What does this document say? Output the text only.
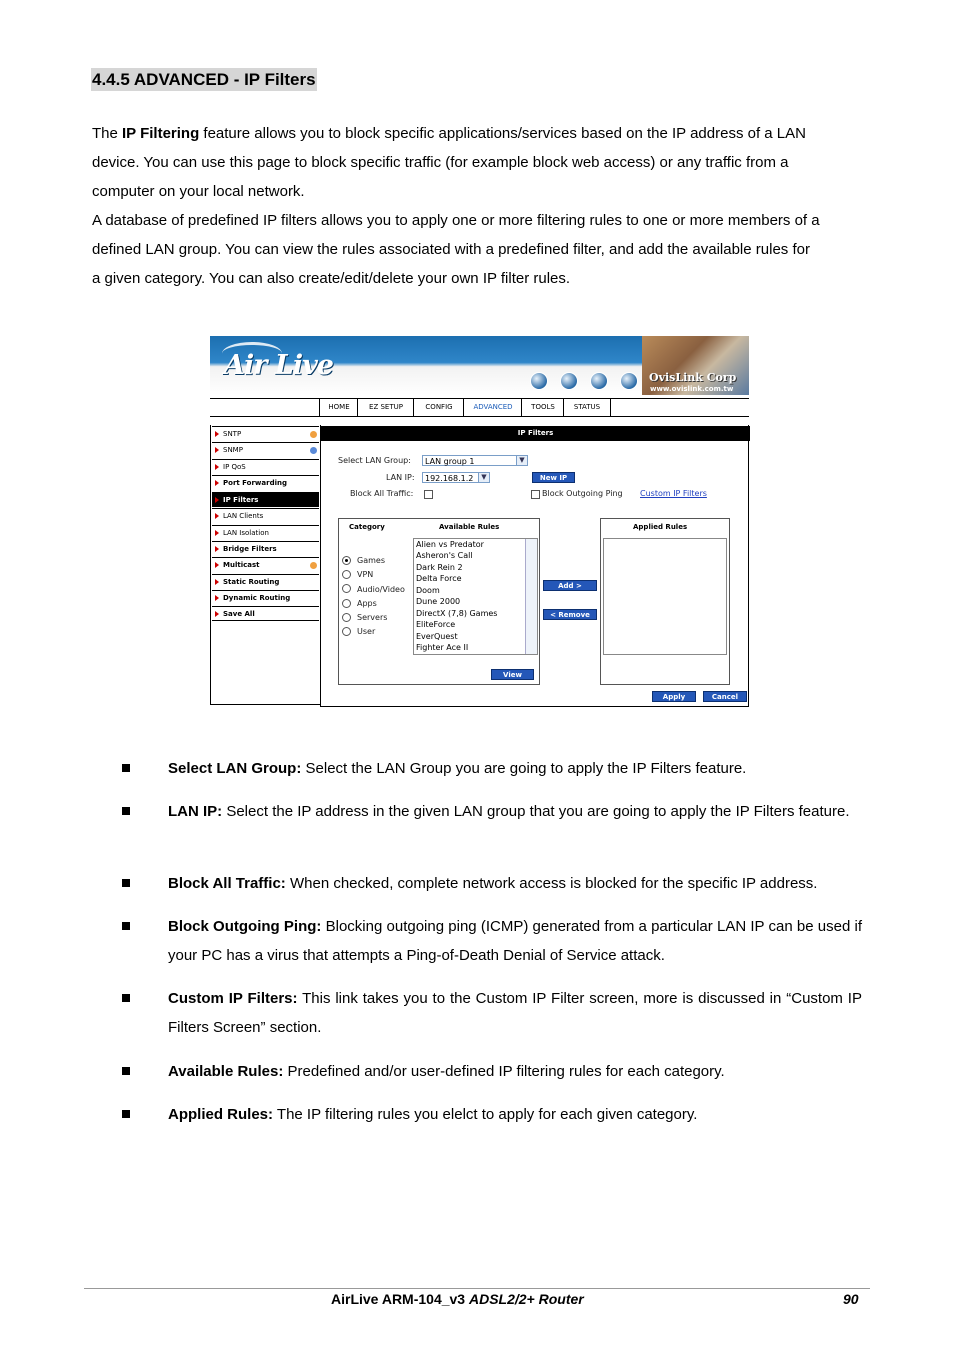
4.4.5 ADVANCED - IP Filters
The IP Filtering feature allows you to block specific applications/services based on the IP address of a LAN
device. You can use this page to block specific traffic (for example block web access) or any traffic from a
computer on your local network.
A database of predefined IP filters allows you to apply one or more filtering rules to one or more members of a
defined LAN group. You can view the rules associated with a predefined filter, and add the available rules for
a given category. You can also create/edit/delete your own IP filter rules.
Air Live	OvisLink Corp
www.ovislink.com.tw
HOME	EZ SETUP	CONFIG	ADVANCED	TOOLS	STATUS
SNTP
SNMP
IP QoS
Port Forwarding
IP Filters
LAN Clients
LAN Isolation
Bridge Filters
Multicast
Static Routing
Dynamic Routing
Save All
IP Filters
Select LAN Group:	LAN group 1	▼
LAN IP:	192.168.1.2	▼	New IP
Block All Traffic:	Block Outgoing Ping Custom IP Filters
Category	Available Rules
Games
VPN
Audio/Video
Apps
Servers
User
Alien vs Predator
Asheron's Call
Dark Rein 2
Delta Force
Doom
Dune 2000
DirectX (7,8) Games
EliteForce
EverQuest
Fighter Ace II
View
Add >
< Remove
Applied Rules
Apply	Cancel
Select LAN Group: Select the LAN Group you are going to apply the IP Filters feature.
LAN IP: Select the IP address in the given LAN group that you are going to apply the IP Filters feature.
Block All Traffic: When checked, complete network access is blocked for the specific IP address.
Block Outgoing Ping: Blocking outgoing ping (ICMP) generated from a particular LAN IP can be used if your PC has a virus that attempts a Ping-of-Death Denial of Service attack.
Custom IP Filters: This link takes you to the Custom IP Filter screen, more is discussed in “Custom IP Filters Screen” section.
Available Rules: Predefined and/or user-defined IP filtering rules for each category.
Applied Rules: The IP filtering rules you elelct to apply for each given category.
AirLive ARM-104_v3 ADSL2/2+ Router	90
